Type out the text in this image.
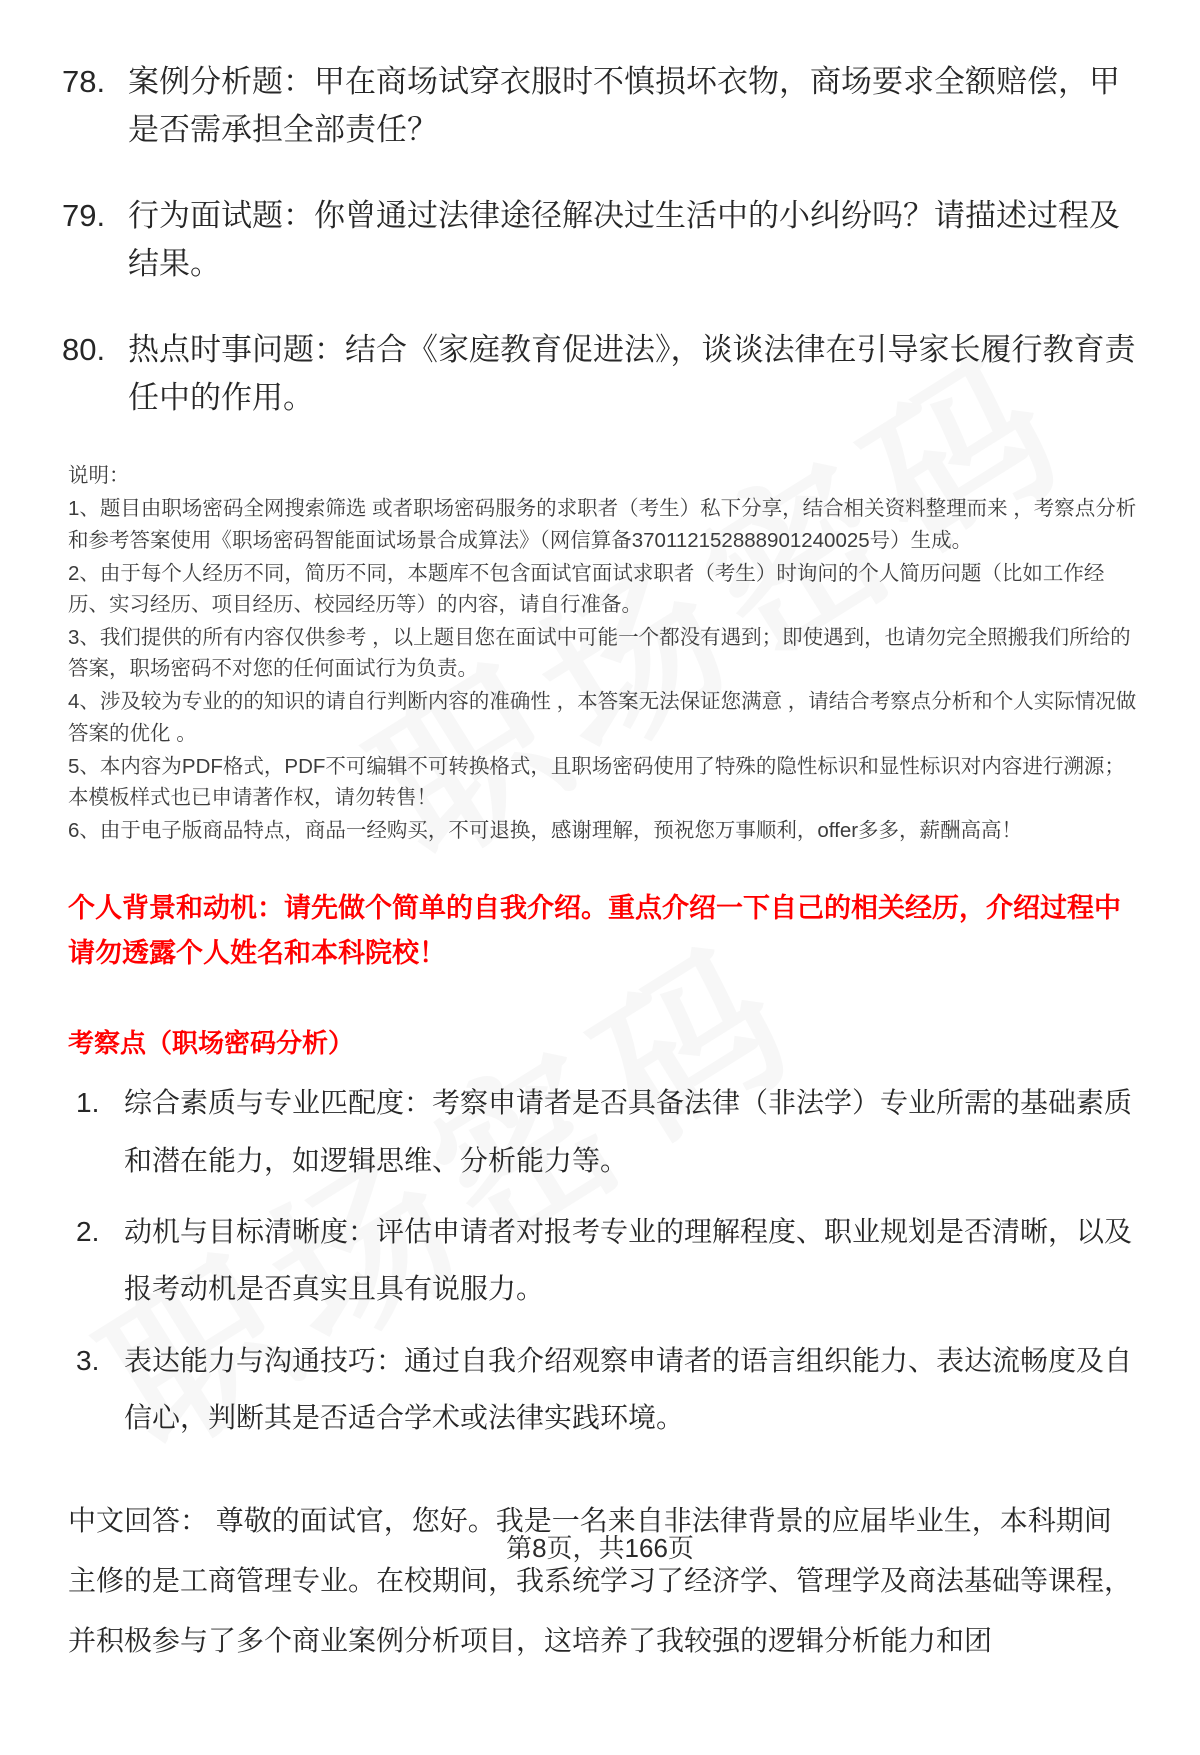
78. 案例分析题：甲在商场试穿衣服时不慎损坏衣物，商场要求全额赔偿，甲是否需承担全部责任？
79. 行为面试题：你曾通过法律途径解决过生活中的小纠纷吗？请描述过程及结果。
80. 热点时事问题：结合《家庭教育促进法》，谈谈法律在引导家长履行教育责任中的作用。
说明：

1、题目由职场密码全网搜索筛选 或者职场密码服务的求职者（考生）私下分享，结合相关资料整理而来 ，考察点分析和参考答案使用《职场密码智能面试场景合成算法》（网信算备370112152888901240025号）生成。

2、由于每个人经历不同，简历不同，本题库不包含面试官面试求职者（考生）时询问的个人简历问题（比如工作经历、实习经历、项目经历、校园经历等）的内容，请自行准备。

3、我们提供的所有内容仅供参考 ，以上题目您在面试中可能一个都没有遇到；即使遇到，也请勿完全照搬我们所给的答案，职场密码不对您的任何面试行为负责。

4、涉及较为专业的的知识的请自行判断内容的准确性 ，本答案无法保证您满意 ，请结合考察点分析和个人实际情况做答案的优化 。

5、本内容为PDF格式，PDF不可编辑不可转换格式，且职场密码使用了特殊的隐性标识和显性标识对内容进行溯源；本模板样式也已申请著作权，请勿转售！

6、由于电子版商品特点，商品一经购买，不可退换，感谢理解，预祝您万事顺利，offer多多，薪酬高高！

个人背景和动机：请先做个简单的自我介绍。重点介绍一下自己的相关经历，介绍过程中请勿透露个人姓名和本科院校！

考察点（职场密码分析）
1. 综合素质与专业匹配度：考察申请者是否具备法律（非法学）专业所需的基础素质和潜在能力，如逻辑思维、分析能力等。
2. 动机与目标清晰度：评估申请者对报考专业的理解程度、职业规划是否清晰，以及报考动机是否真实且具有说服力。
3. 表达能力与沟通技巧：通过自我介绍观察申请者的语言组织能力、表达流畅度及自信心，判断其是否适合学术或法律实践环境。

中文回答： 尊敬的面试官，您好。我是一名来自非法律背景的应届毕业生，本科期间主修的是工商管理专业。在校期间，我系统学习了经济学、管理学及商法基础等课程，并积极参与了多个商业案例分析项目，这培养了我较强的逻辑分析能力和团

第8页，共166页
